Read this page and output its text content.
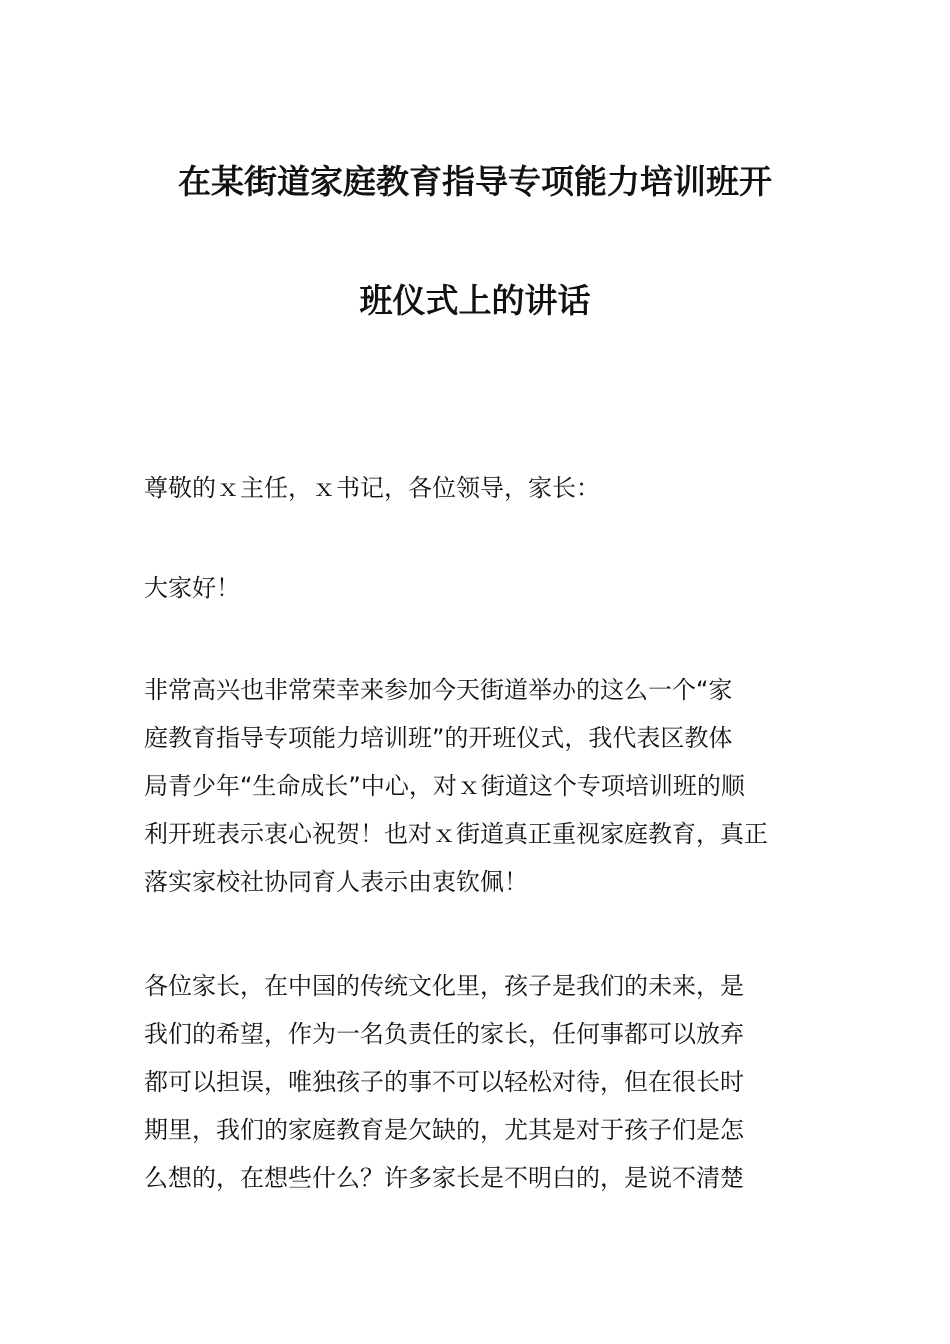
在某街道家庭教育指导专项能力培训班开
班仪式上的讲话
尊敬的ｘ主任，ｘ书记，各位领导，家长：
大家好！
非常高兴也非常荣幸来参加今天街道举办的这么一个“家
庭教育指导专项能力培训班”的开班仪式，我代表区教体
局青少年“生命成长”中心，对ｘ街道这个专项培训班的顺
利开班表示衷心祝贺！也对ｘ街道真正重视家庭教育，真正
落实家校社协同育人表示由衷钦佩！
各位家长，在中国的传统文化里，孩子是我们的未来，是
我们的希望，作为一名负责任的家长，任何事都可以放弃
都可以担误，唯独孩子的事不可以轻松对待，但在很长时
期里，我们的家庭教育是欠缺的，尤其是对于孩子们是怎
么想的，在想些什么？许多家长是不明白的，是说不清楚
